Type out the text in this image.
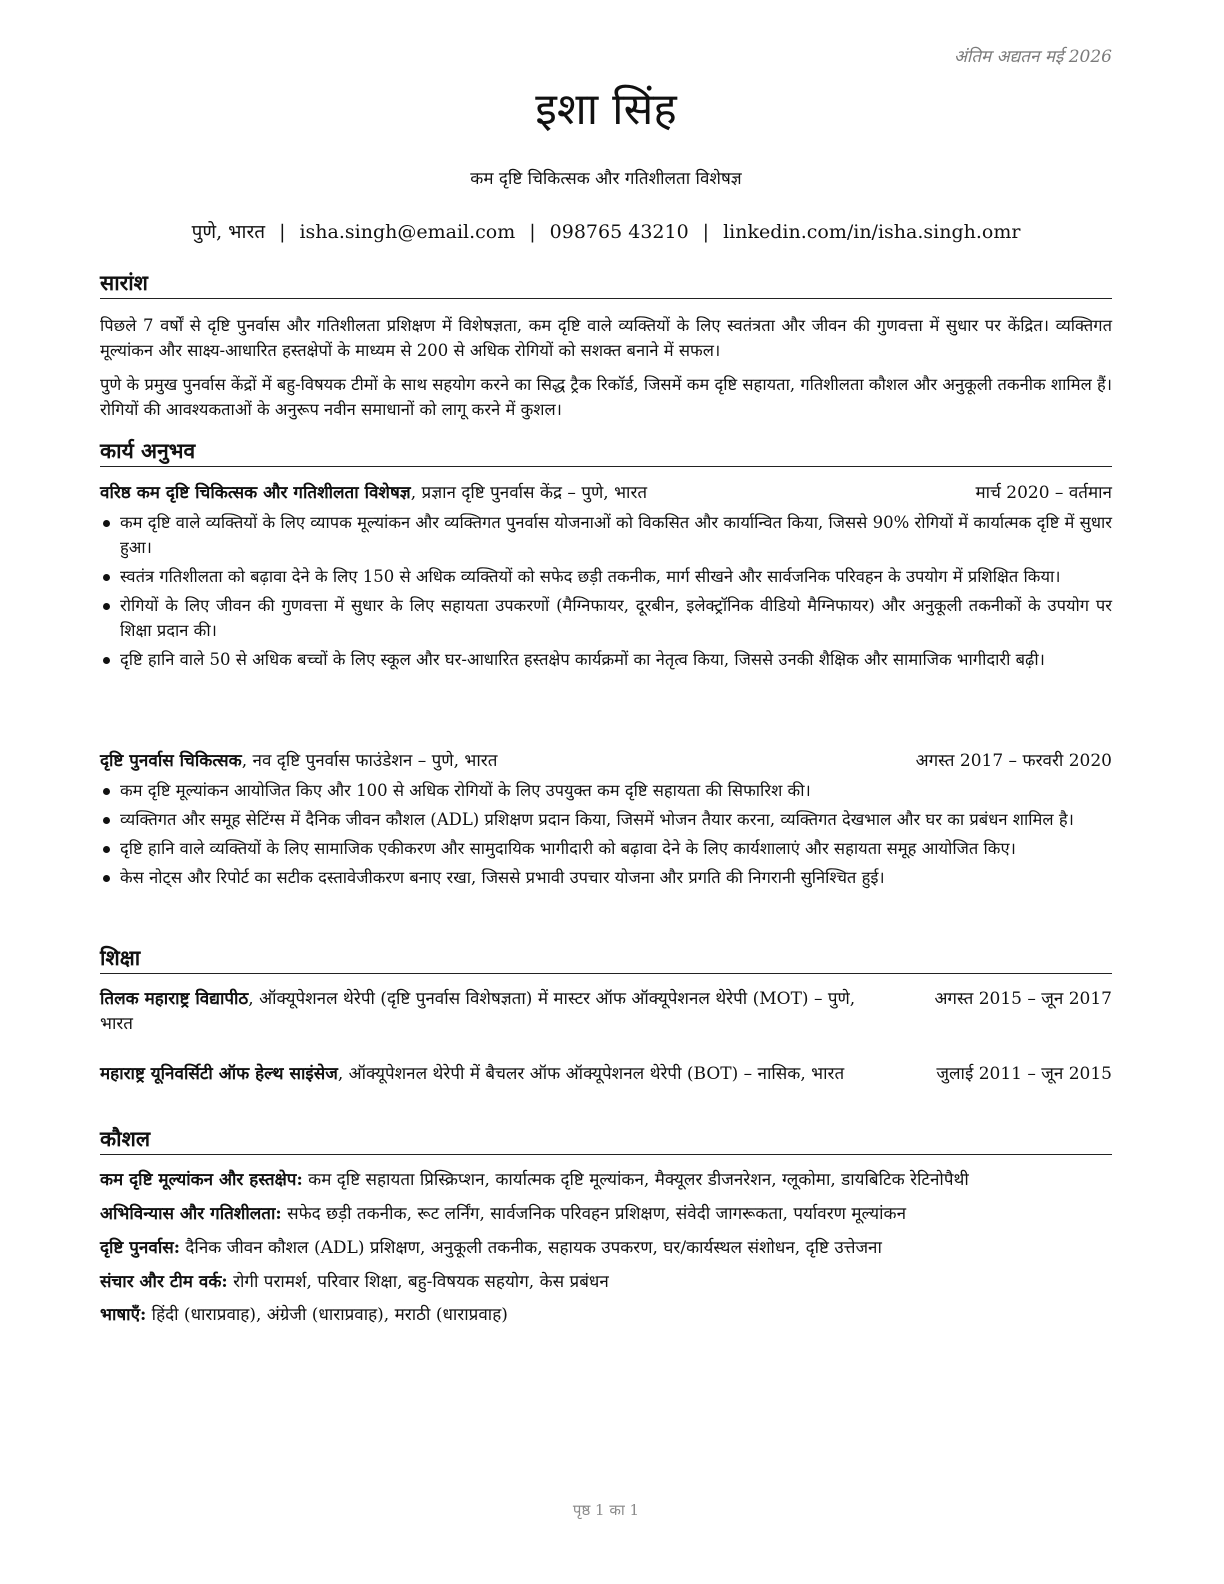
अंतिम अद्यतन मई 2026
इशा सिंह

कम दृष्टि चिकित्सक और गतिशीलता विशेषज्ञ

पुणे, भारत | isha.singh@email.com | 098765 43210 | linkedin.com/in/isha.singh.omr

सारांश

पिछले 7 वर्षों से दृष्टि पुनर्वास और गतिशीलता प्रशिक्षण में विशेषज्ञता, कम दृष्टि वाले व्यक्तियों के लिए स्वतंत्रता और जीवन की गुणवत्ता में सुधार पर केंद्रित। व्यक्तिगत मूल्यांकन और साक्ष्य-आधारित हस्तक्षेपों के माध्यम से 200 से अधिक रोगियों को सशक्त बनाने में सफल।

पुणे के प्रमुख पुनर्वास केंद्रों में बहु-विषयक टीमों के साथ सहयोग करने का सिद्ध ट्रैक रिकॉर्ड, जिसमें कम दृष्टि सहायता, गतिशीलता कौशल और अनुकूली तकनीक शामिल हैं। रोगियों की आवश्यकताओं के अनुरूप नवीन समाधानों को लागू करने में कुशल।

कार्य अनुभव
वरिष्ठ कम दृष्टि चिकित्सक और गतिशीलता विशेषज्ञ, प्रज्ञान दृष्टि पुनर्वास केंद्र – पुणे, भारत	मार्च 2020 – वर्तमान
कम दृष्टि वाले व्यक्तियों के लिए व्यापक मूल्यांकन और व्यक्तिगत पुनर्वास योजनाओं को विकसित और कार्यान्वित किया, जिससे 90% रोगियों में कार्यात्मक दृष्टि में सुधार हुआ।
स्वतंत्र गतिशीलता को बढ़ावा देने के लिए 150 से अधिक व्यक्तियों को सफेद छड़ी तकनीक, मार्ग सीखने और सार्वजनिक परिवहन के उपयोग में प्रशिक्षित किया।
रोगियों के लिए जीवन की गुणवत्ता में सुधार के लिए सहायता उपकरणों (मैग्निफायर, दूरबीन, इलेक्ट्रॉनिक वीडियो मैग्निफायर) और अनुकूली तकनीकों के उपयोग पर शिक्षा प्रदान की।
दृष्टि हानि वाले 50 से अधिक बच्चों के लिए स्कूल और घर-आधारित हस्तक्षेप कार्यक्रमों का नेतृत्व किया, जिससे उनकी शैक्षिक और सामाजिक भागीदारी बढ़ी।
दृष्टि पुनर्वास चिकित्सक, नव दृष्टि पुनर्वास फाउंडेशन – पुणे, भारत	अगस्त 2017 – फरवरी 2020
कम दृष्टि मूल्यांकन आयोजित किए और 100 से अधिक रोगियों के लिए उपयुक्त कम दृष्टि सहायता की सिफारिश की।
व्यक्तिगत और समूह सेटिंग्स में दैनिक जीवन कौशल (ADL) प्रशिक्षण प्रदान किया, जिसमें भोजन तैयार करना, व्यक्तिगत देखभाल और घर का प्रबंधन शामिल है।
दृष्टि हानि वाले व्यक्तियों के लिए सामाजिक एकीकरण और सामुदायिक भागीदारी को बढ़ावा देने के लिए कार्यशालाएं और सहायता समूह आयोजित किए।
केस नोट्स और रिपोर्ट का सटीक दस्तावेजीकरण बनाए रखा, जिससे प्रभावी उपचार योजना और प्रगति की निगरानी सुनिश्चित हुई।
शिक्षा
तिलक महाराष्ट्र विद्यापीठ, ऑक्यूपेशनल थेरेपी (दृष्टि पुनर्वास विशेषज्ञता) में मास्टर ऑफ ऑक्यूपेशनल थेरेपी (MOT) – पुणे, भारत
अगस्त 2015 – जून 2017
महाराष्ट्र यूनिवर्सिटी ऑफ हेल्थ साइंसेज, ऑक्यूपेशनल थेरेपी में बैचलर ऑफ ऑक्यूपेशनल थेरेपी (BOT) – नासिक, भारत	जुलाई 2011 – जून 2015
कौशल
कम दृष्टि मूल्यांकन और हस्तक्षेप: कम दृष्टि सहायता प्रिस्क्रिप्शन, कार्यात्मक दृष्टि मूल्यांकन, मैक्यूलर डीजनरेशन, ग्लूकोमा, डायबिटिक रेटिनोपैथी
अभिविन्यास और गतिशीलता: सफेद छड़ी तकनीक, रूट लर्निंग, सार्वजनिक परिवहन प्रशिक्षण, संवेदी जागरूकता, पर्यावरण मूल्यांकन
दृष्टि पुनर्वास: दैनिक जीवन कौशल (ADL) प्रशिक्षण, अनुकूली तकनीक, सहायक उपकरण, घर/कार्यस्थल संशोधन, दृष्टि उत्तेजना
संचार और टीम वर्क: रोगी परामर्श, परिवार शिक्षा, बहु-विषयक सहयोग, केस प्रबंधन
भाषाएँ: हिंदी (धाराप्रवाह), अंग्रेजी (धाराप्रवाह), मराठी (धाराप्रवाह)
पृष्ठ 1 का 1
